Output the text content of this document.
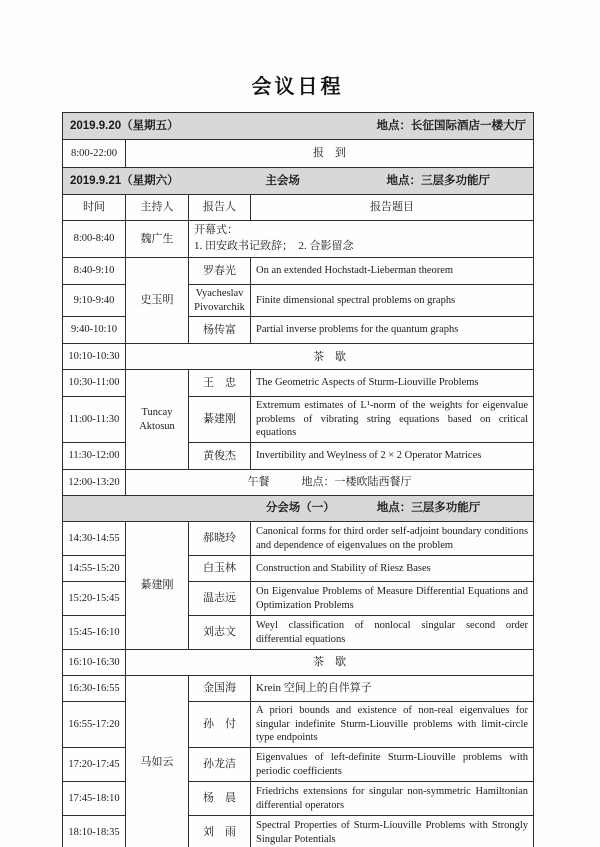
会议日程
2019.9.20（星期五） 地点：长征国际酒店一楼大厅			

8:00-22:00	报　到		

2019.9.21（星期六） 主会场 地点：三层多功能厅			

时间	主持人	报告人	报告题目
8:00-8:40	魏广生	开幕式：
1. 田安政书记致辞；　2. 合影留念	

8:40-9:10	史玉明	罗春光	On an extended Hochstadt-Lieberman theorem
9:10-9:40		Vyacheslav Pivovarchik	Finite dimensional spectral problems on graphs
9:40-10:10		杨传富	Partial inverse problems for the quantum graphs
10:10-10:30	茶　歇		
10:30-11:00	Tuncay Aktosun	王　忠	The Geometric Aspects of Sturm-Liouville Problems
11:00-11:30		綦建刚	Extremum estimates of L¹-norm of the weights for eigenvalue problems of vibrating string equations based on critical equations
11:30-12:00		黄俊杰	Invertibility and Weylness of 2 × 2 Operator Matrices
12:00-13:20	午餐 地点：一楼欧陆西餐厅		

分会场（一） 地点：三层多功能厅			

14:30-14:55	綦建刚	郝晓玲	Canonical forms for third order self-adjoint boundary conditions and dependence of eigenvalues on the problem
14:55-15:20		白玉林	Construction and Stability of Riesz Bases
15:20-15:45		温志远	On Eigenvalue Problems of Measure Differential Equations and Optimization Problems
15:45-16:10		刘志文	Weyl classification of nonlocal singular second order differential equations
16:10-16:30	茶　歇		
16:30-16:55	马如云	金国海	Krein 空间上的自伴算子
16:55-17:20		孙　付	A priori bounds and existence of non-real eigenvalues for singular indefinite Sturm-Liouville problems with limit-circle type endpoints
17:20-17:45		孙龙洁	Eigenvalues of left-definite Sturm-Liouville problems with periodic coefficients
17:45-18:10		杨　晨	Friedrichs extensions for singular non-symmetric Hamiltonian differential operators
18:10-18:35		刘　雨	Spectral Properties of Sturm-Liouville Problems with Strongly Singular Potentials
